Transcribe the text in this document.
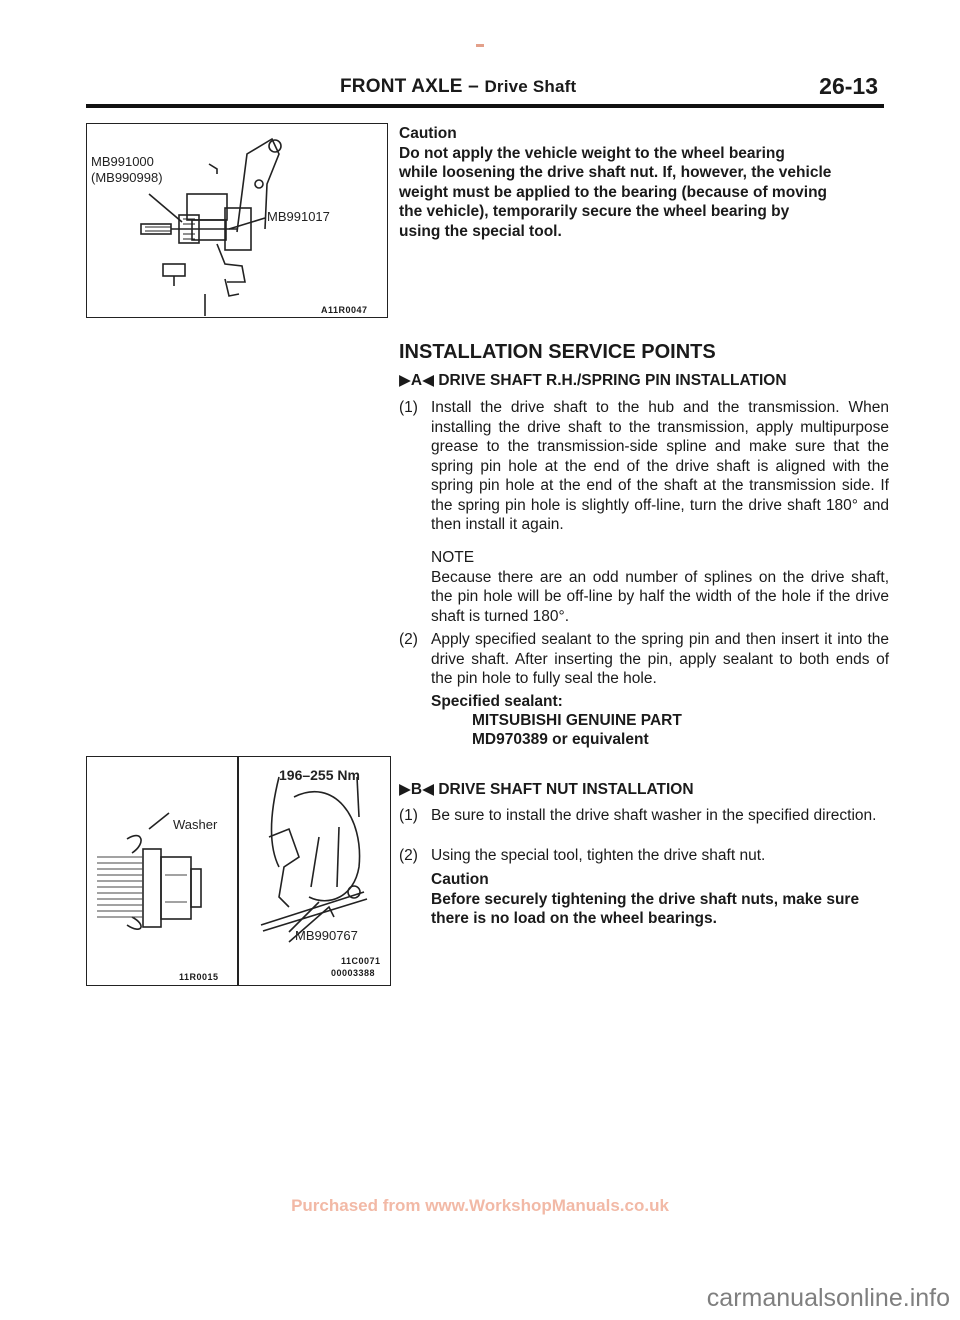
FRONT AXLE – Drive Shaft	26-13
MB991000
(MB990998)
MB991017
A11R0047
Caution
Do not apply the vehicle weight to the wheel bearing
while loosening the drive shaft nut. If, however, the vehicle
weight must be applied to the bearing (because of moving
the vehicle), temporarily secure the wheel bearing by
using the special tool.
INSTALLATION SERVICE POINTS
▶A◀ DRIVE SHAFT R.H./SPRING PIN INSTALLATION
(1) Install the drive shaft to the hub and the transmission. When installing the drive shaft to the transmission, apply multipurpose grease to the transmission-side spline and make sure that the spring pin hole at the end of the drive shaft is aligned with the spring pin hole at the end of the shaft at the transmission side. If the spring pin hole is slightly off-line, turn the drive shaft 180° and then install it again.
NOTE
Because there are an odd number of splines on the drive shaft, the pin hole will be off-line by half the width of the hole if the drive shaft is turned 180°.
(2) Apply specified sealant to the spring pin and then insert it into the drive shaft. After inserting the pin, apply sealant to both ends of the pin hole to fully seal the hole.
Specified sealant:
MITSUBISHI GENUINE PART
MD970389 or equivalent
Washer
11R0015
196–255 Nm
MB990767
11C0071
00003388
▶B◀ DRIVE SHAFT NUT INSTALLATION
(1) Be sure to install the drive shaft washer in the specified direction.
(2) Using the special tool, tighten the drive shaft nut.
Caution
Before securely tightening the drive shaft nuts, make sure there is no load on the wheel bearings.
Purchased from www.WorkshopManuals.co.uk
carmanualsonline.info
